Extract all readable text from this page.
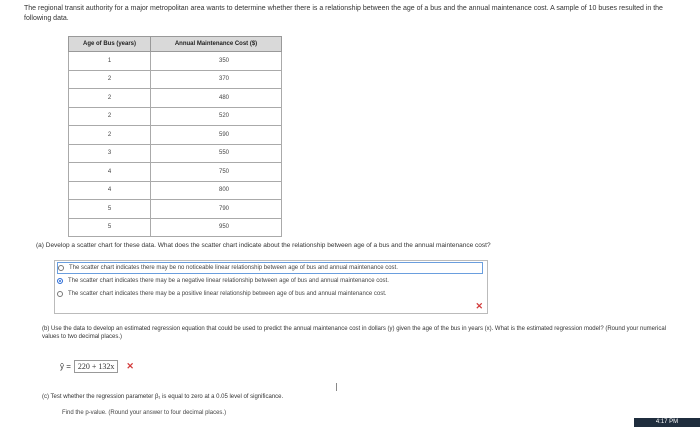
The regional transit authority for a major metropolitan area wants to determine whether there is a relationship between the age of a bus and the annual maintenance cost. A sample of 10 buses resulted in the following data.
Age of Bus (years)	Annual Maintenance Cost ($)
1	350
2	370
2	480
2	520
2	590
3	550
4	750
4	800
5	790
5	950
(a) Develop a scatter chart for these data. What does the scatter chart indicate about the relationship between age of a bus and the annual maintenance cost?
The scatter chart indicates there may be no noticeable linear relationship between age of bus and annual maintenance cost.
The scatter chart indicates there may be a negative linear relationship between age of bus and annual maintenance cost.
The scatter chart indicates there may be a positive linear relationship between age of bus and annual maintenance cost.
✕
(b) Use the data to develop an estimated regression equation that could be used to predict the annual maintenance cost in dollars (y) given the age of the bus in years (x). What is the estimated regression model? (Round your numerical values to two decimal places.)
ŷ = 220 + 132x	✕
(c) Test whether the regression parameter β₁ is equal to zero at a 0.05 level of significance.
Find the p-value. (Round your answer to four decimal places.)
4:17 PM
